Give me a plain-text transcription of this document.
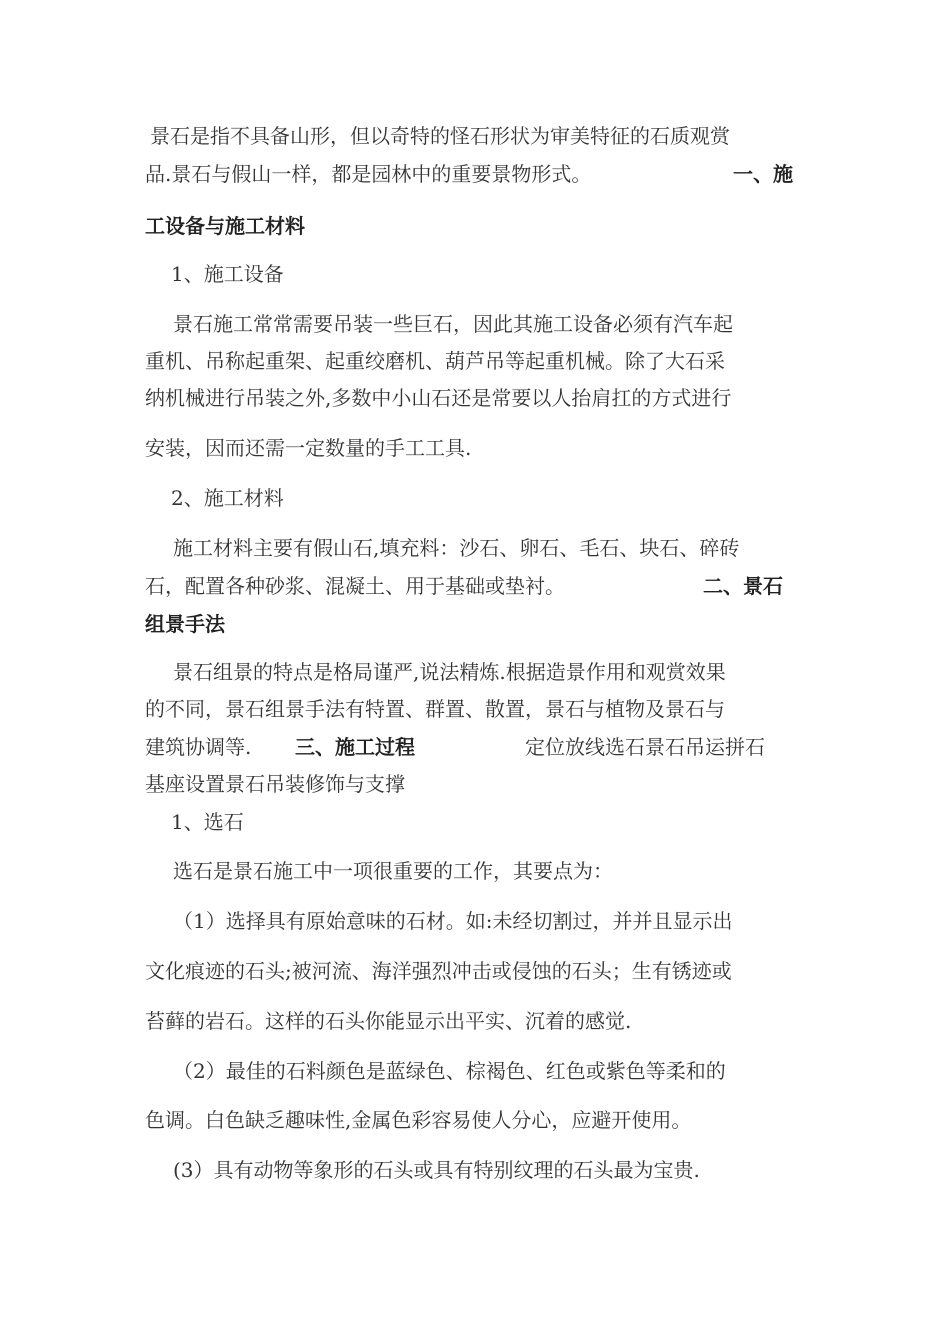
景石是指不具备山形，但以奇特的怪石形状为审美特征的石质观赏
品.景石与假山一样，都是园林中的重要景物形式。	一、施
工设备与施工材料
1、施工设备
景石施工常常需要吊装一些巨石，因此其施工设备必须有汽车起
重机、吊称起重架、起重绞磨机、葫芦吊等起重机械。除了大石采
纳机械进行吊装之外,多数中小山石还是常要以人抬肩扛的方式进行
安装，因而还需一定数量的手工工具.
2、施工材料
施工材料主要有假山石,填充料：沙石、卵石、毛石、块石、碎砖
石，配置各种砂浆、混凝土、用于基础或垫衬。	二、景石
组景手法
景石组景的特点是格局谨严,说法精炼.根据造景作用和观赏效果
的不同，景石组景手法有特置、群置、散置，景石与植物及景石与
建筑协调等. 三、施工过程	定位放线选石景石吊运拼石
基座设置景石吊装修饰与支撑
1、选石
选石是景石施工中一项很重要的工作，其要点为：
（1）选择具有原始意味的石材。如:未经切割过，并并且显示出
文化痕迹的石头;被河流、海洋强烈冲击或侵蚀的石头；生有锈迹或
苔藓的岩石。这样的石头你能显示出平实、沉着的感觉.
（2）最佳的石料颜色是蓝绿色、棕褐色、红色或紫色等柔和的
色调。白色缺乏趣味性,金属色彩容易使人分心，应避开使用。
(3）具有动物等象形的石头或具有特别纹理的石头最为宝贵.
